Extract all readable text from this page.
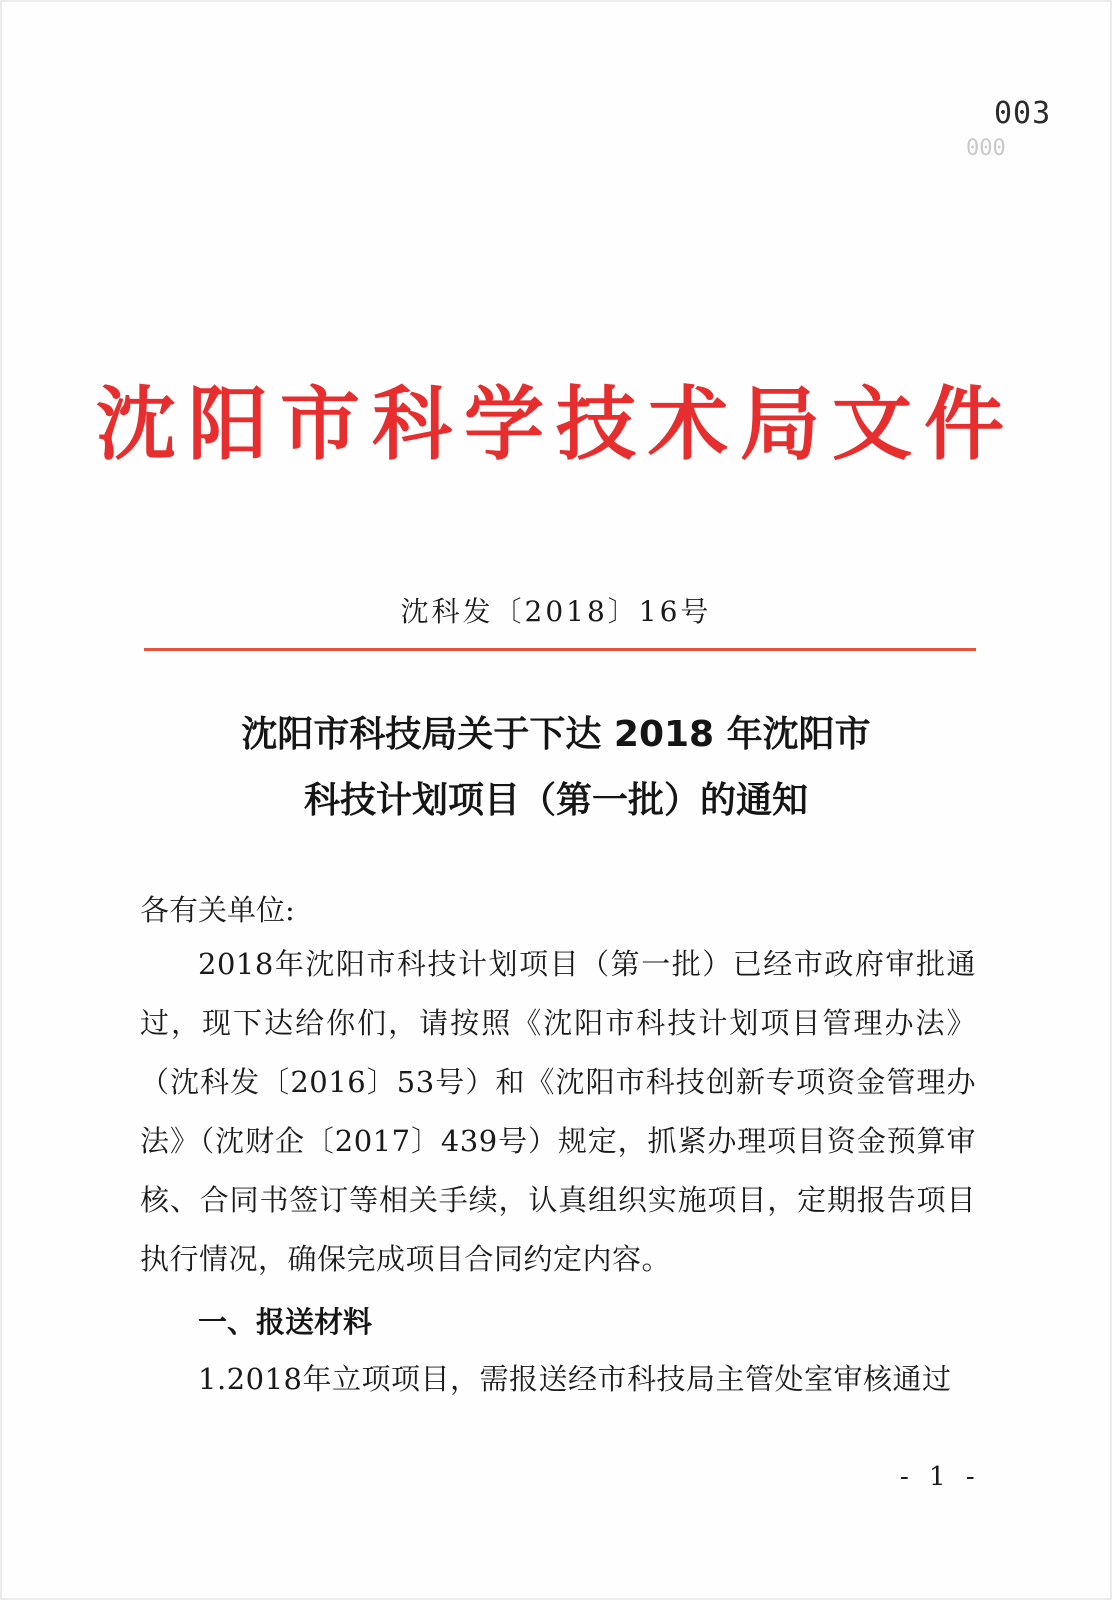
003

000

沈阳市科学技术局文件

沈科发〔2018〕16号

沈阳市科技局关于下达 2018 年沈阳市
科技计划项目（第一批）的通知

各有关单位:

2018年沈阳市科技计划项目（第一批）已经市政府审批通过，现下达给你们，请按照《沈阳市科技计划项目管理办法》（沈科发〔2016〕53号）和《沈阳市科技创新专项资金管理办法》（沈财企〔2017〕439号）规定，抓紧办理项目资金预算审核、合同书签订等相关手续，认真组织实施项目，定期报告项目执行情况，确保完成项目合同约定内容。

一、报送材料

1.2018年立项项目，需报送经市科技局主管处室审核通过

- 1 -
